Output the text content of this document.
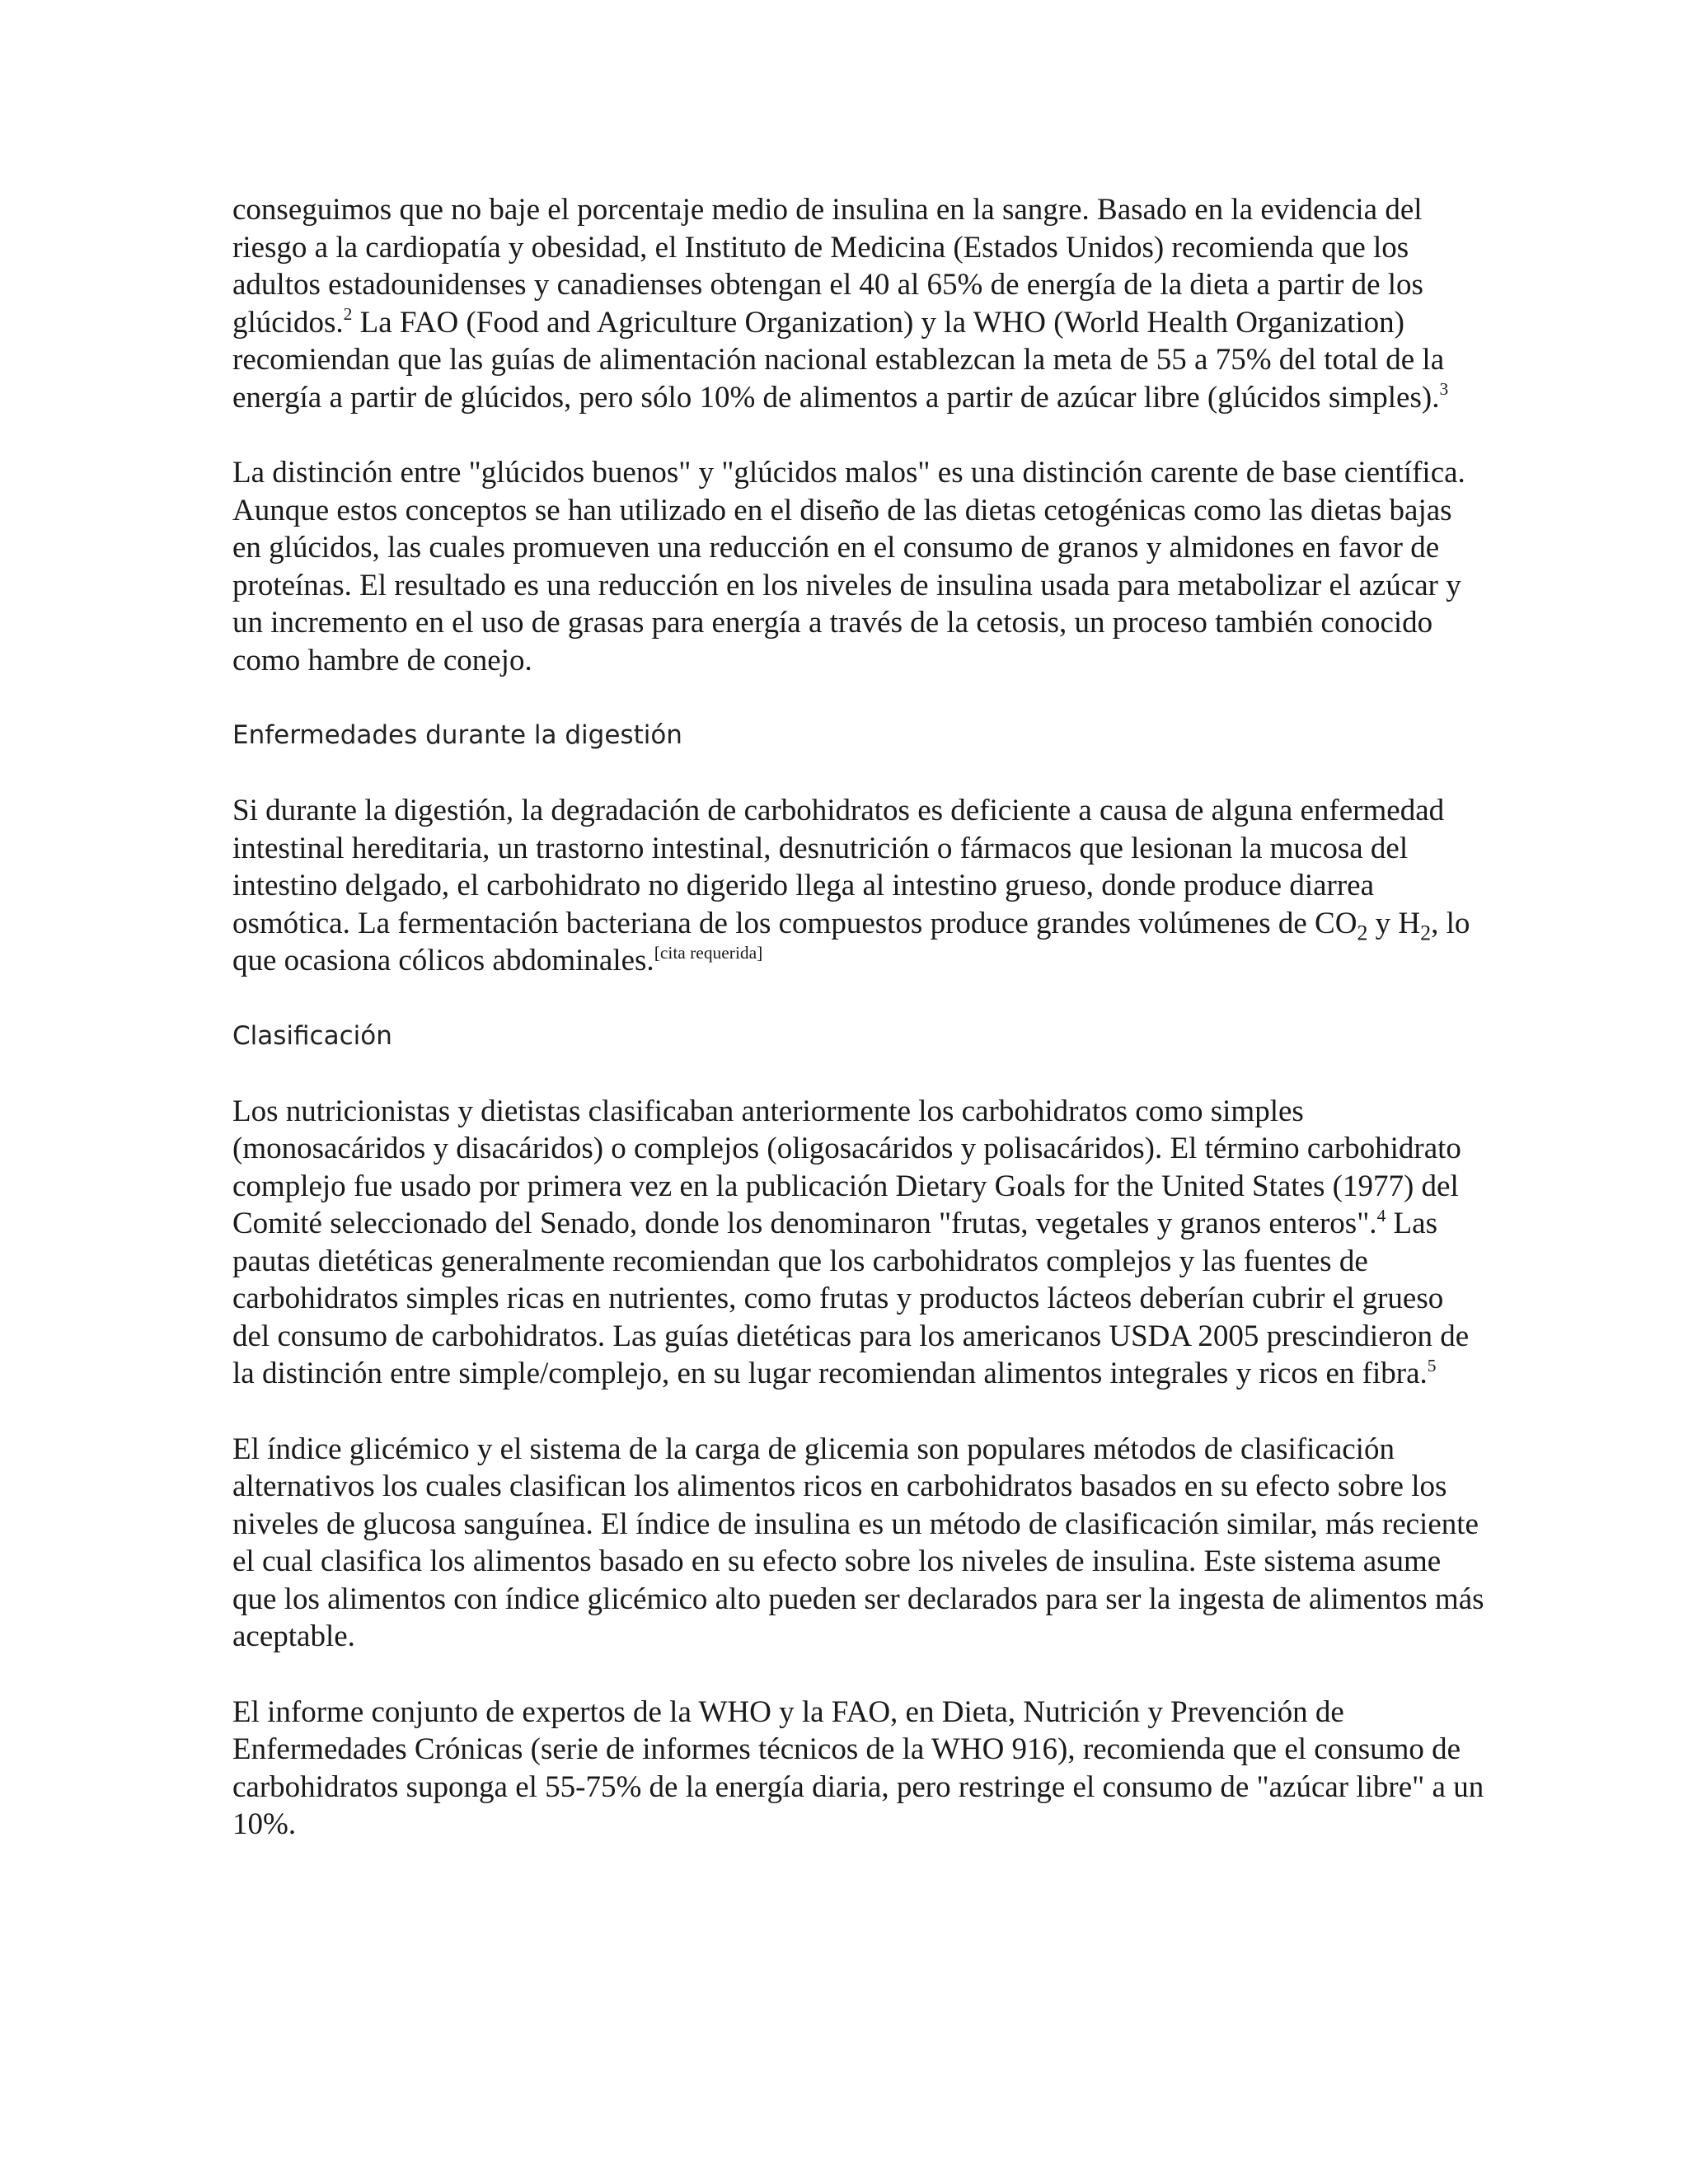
conseguimos que no baje el porcentaje medio de insulina en la sangre. Basado en la evidencia del riesgo a la cardiopatía y obesidad, el Instituto de Medicina (Estados Unidos) recomienda que los adultos estadounidenses y canadienses obtengan el 40 al 65% de energía de la dieta a partir de los glúcidos.$^2$ La FAO (Food and Agriculture Organization) y la WHO (World Health Organization) recomiendan que las guías de alimentación nacional establezcan la meta de 55 a 75% del total de la energía a partir de glúcidos, pero sólo 10% de alimentos a partir de azúcar libre (glúcidos simples).$^3$

La distinción entre "glúcidos buenos" y "glúcidos malos" es una distinción carente de base científica. Aunque estos conceptos se han utilizado en el diseño de las dietas cetogénicas como las dietas bajas en glúcidos, las cuales promueven una reducción en el consumo de granos y almidones en favor de proteínas. El resultado es una reducción en los niveles de insulina usada para metabolizar el azúcar y un incremento en el uso de grasas para energía a través de la cetosis, un proceso también conocido como hambre de conejo.

Enfermedades durante la digestión

Si durante la digestión, la degradación de carbohidratos es deficiente a causa de alguna enfermedad intestinal hereditaria, un trastorno intestinal, desnutrición o fármacos que lesionan la mucosa del intestino delgado, el carbohidrato no digerido llega al intestino grueso, donde produce diarrea osmótica. La fermentación bacteriana de los compuestos produce grandes volúmenes de $CO_2$ y $H_2$, lo que ocasiona cólicos abdominales.[cita requerida]

Clasificación

Los nutricionistas y dietistas clasificaban anteriormente los carbohidratos como simples (monosacáridos y disacáridos) o complejos (oligosacáridos y polisacáridos). El término carbohidrato complejo fue usado por primera vez en la publicación Dietary Goals for the United States (1977) del Comité seleccionado del Senado, donde los denominaron "frutas, vegetales y granos enteros".$^4$ Las pautas dietéticas generalmente recomiendan que los carbohidratos complejos y las fuentes de carbohidratos simples ricas en nutrientes, como frutas y productos lácteos deberían cubrir el grueso del consumo de carbohidratos. Las guías dietéticas para los americanos USDA 2005 prescindieron de la distinción entre simple/complejo, en su lugar recomiendan alimentos integrales y ricos en fibra.$^5$

El índice glicémico y el sistema de la carga de glicemia son populares métodos de clasificación alternativos los cuales clasifican los alimentos ricos en carbohidratos basados en su efecto sobre los niveles de glucosa sanguínea. El índice de insulina es un método de clasificación similar, más reciente el cual clasifica los alimentos basado en su efecto sobre los niveles de insulina. Este sistema asume que los alimentos con índice glicémico alto pueden ser declarados para ser la ingesta de alimentos más aceptable.

El informe conjunto de expertos de la WHO y la FAO, en Dieta, Nutrición y Prevención de Enfermedades Crónicas (serie de informes técnicos de la WHO 916), recomienda que el consumo de carbohidratos suponga el 55-75% de la energía diaria, pero restringe el consumo de "azúcar libre" a un 10%.
